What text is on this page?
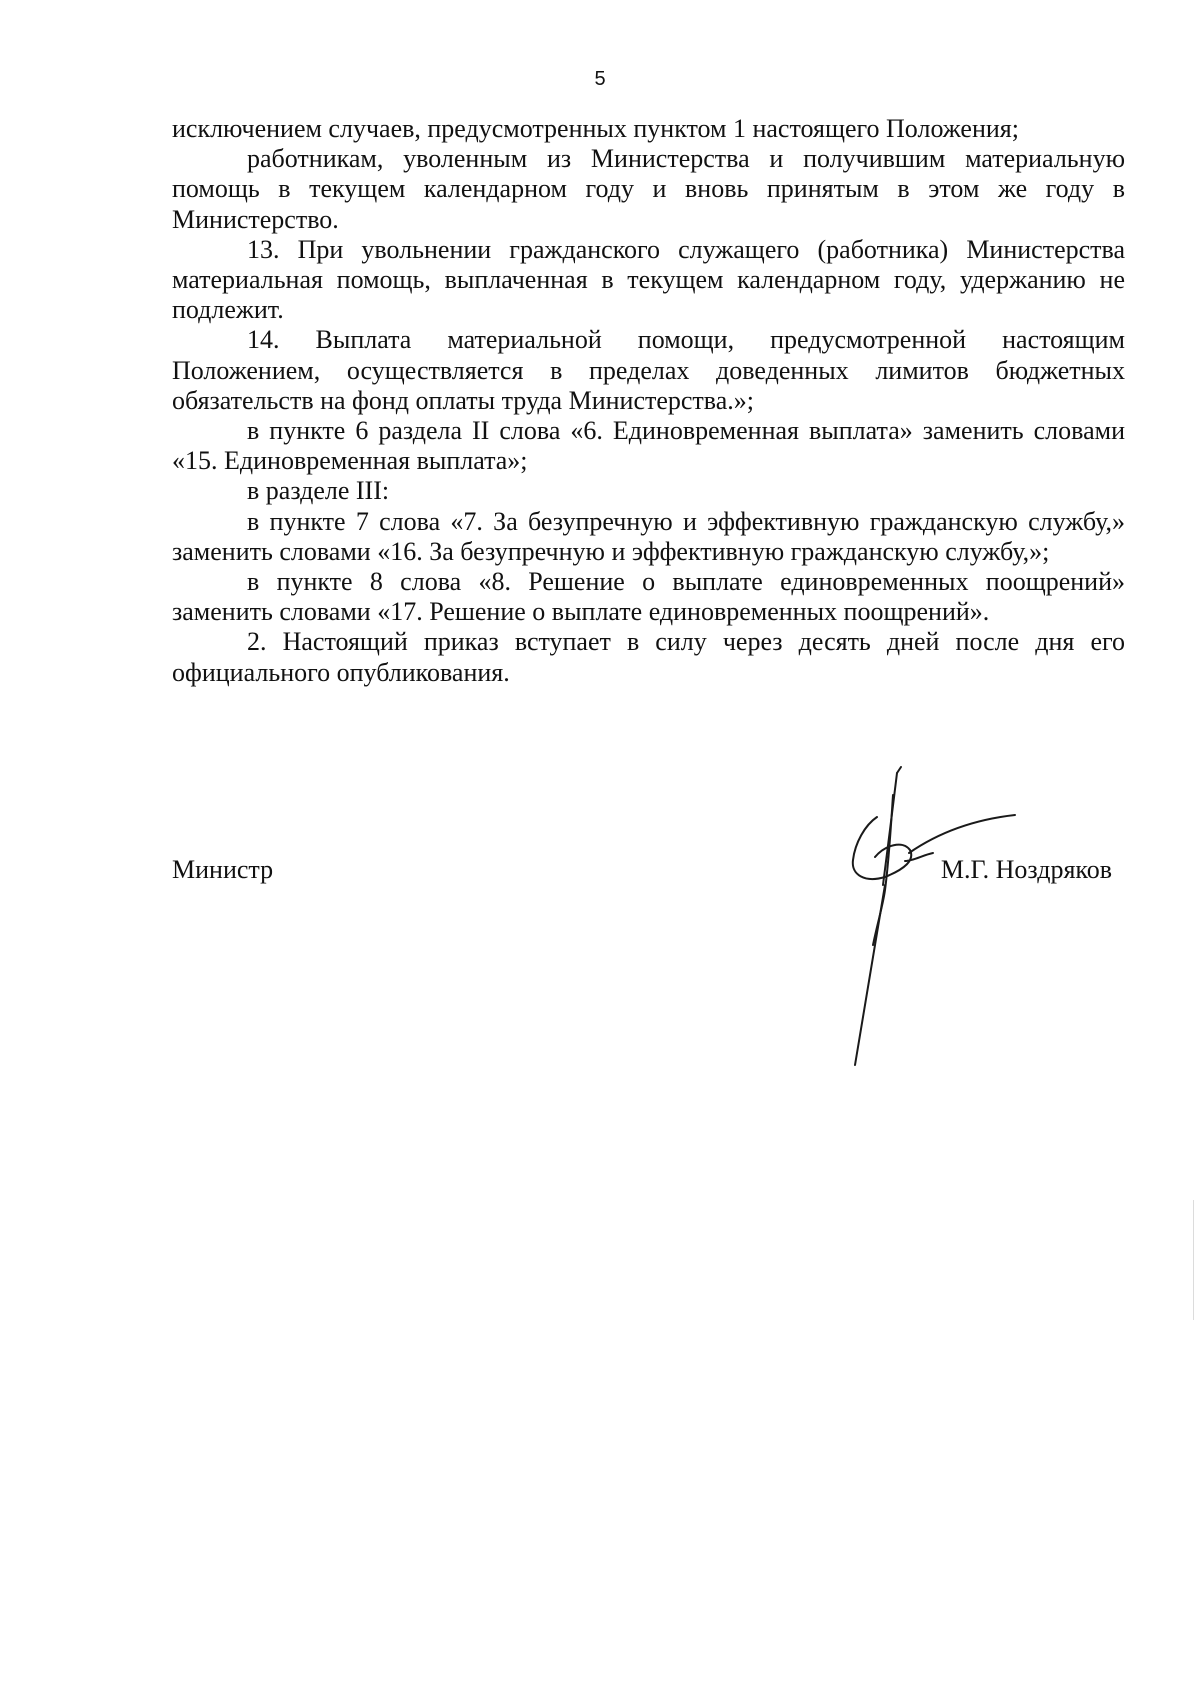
5

исключением случаев, предусмотренных пунктом 1 настоящего Положения;

работникам, уволенным из Министерства и получившим материальную помощь в текущем календарном году и вновь принятым в этом же году в Министерство.

13. При увольнении гражданского служащего (работника) Министерства материальная помощь, выплаченная в текущем календарном году, удержанию не подлежит.

14. Выплата материальной помощи, предусмотренной настоящим Положением, осуществляется в пределах доведенных лимитов бюджетных обязательств на фонд оплаты труда Министерства.»;

в пункте 6 раздела II слова «6. Единовременная выплата» заменить словами «15. Единовременная выплата»;

в разделе III:

в пункте 7 слова «7. За безупречную и эффективную гражданскую службу,» заменить словами «16. За безупречную и эффективную гражданскую службу,»;

в пункте 8 слова «8. Решение о выплате единовременных поощрений» заменить словами «17. Решение о выплате единовременных поощрений».

2. Настоящий приказ вступает в силу через десять дней после дня его официального опубликования.

Министр	М.Г. Ноздряков
